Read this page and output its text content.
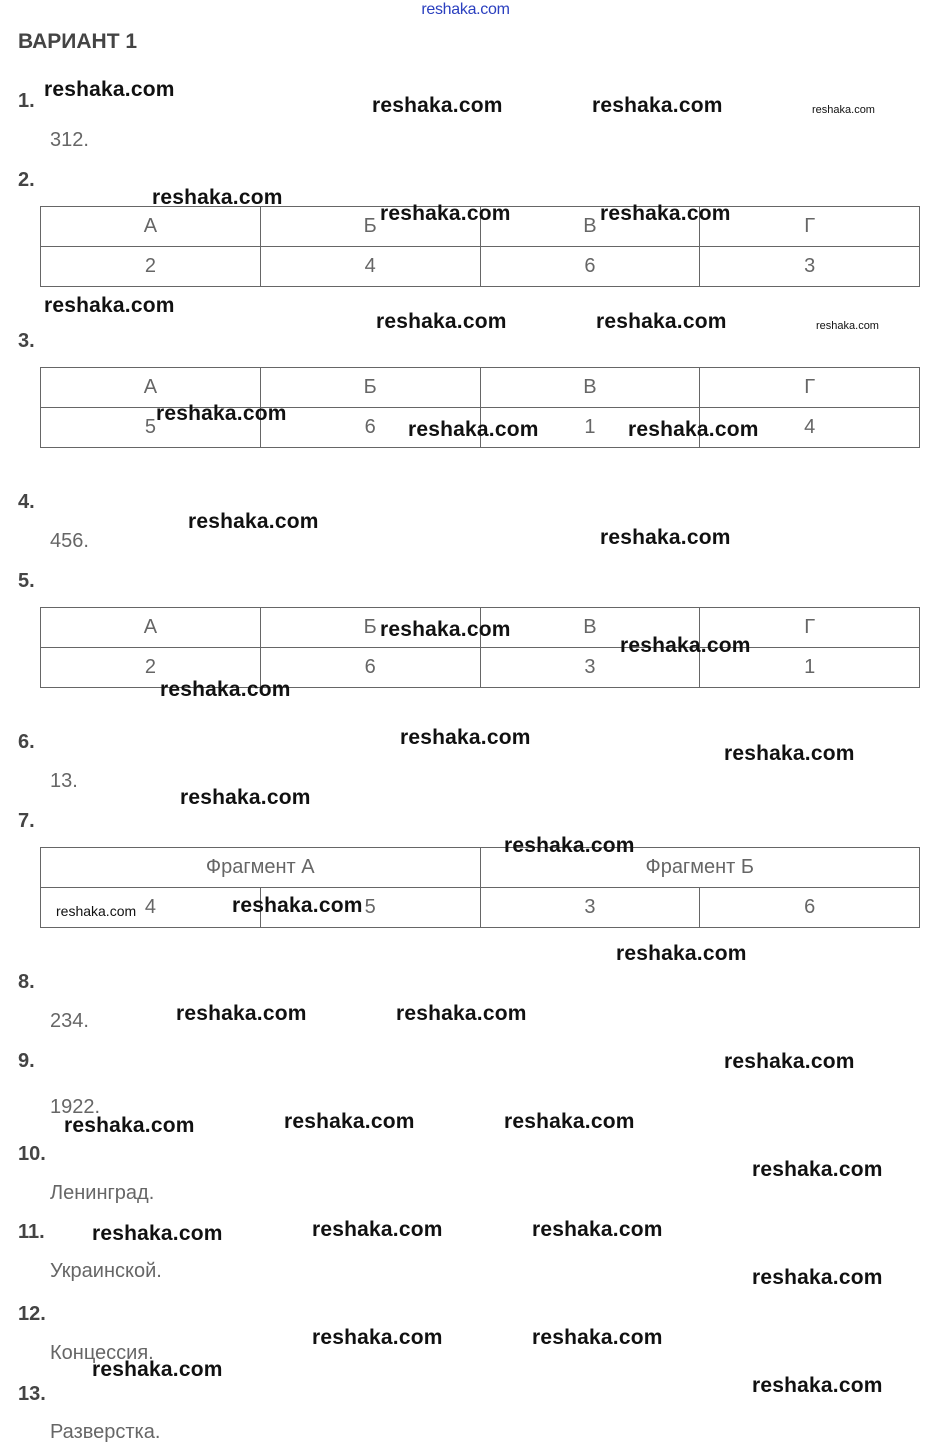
reshaka.com
ВАРИАНТ 1
1.
312.
2.
А	Б	В	Г
2	4	6	3
3.
А	Б	В	Г
5	6	1	4
4.
456.
5.
А	Б	В	Г
2	6	3	1
6.
13.
7.
Фрагмент А		Фрагмент Б	
4	5	3	6
8.
234.
9.
1922.
10.
Ленинград.
11.
Украинской.
12.
Концессия.
13.
Разверстка.
reshaka.com
reshaka.com	reshaka.com	reshaka.com
reshaka.com
reshaka.com	reshaka.com
reshaka.com
reshaka.com	reshaka.com	reshaka.com
reshaka.com
reshaka.com	reshaka.com
reshaka.com
reshaka.com
reshaka.com
reshaka.com
reshaka.com
reshaka.com
reshaka.com
reshaka.com
reshaka.com
reshaka.com	reshaka.com
reshaka.com
reshaka.com	reshaka.com
reshaka.com
reshaka.com	reshaka.com	reshaka.com
reshaka.com
reshaka.com	reshaka.com	reshaka.com
reshaka.com
reshaka.com	reshaka.com
reshaka.com
reshaka.com
